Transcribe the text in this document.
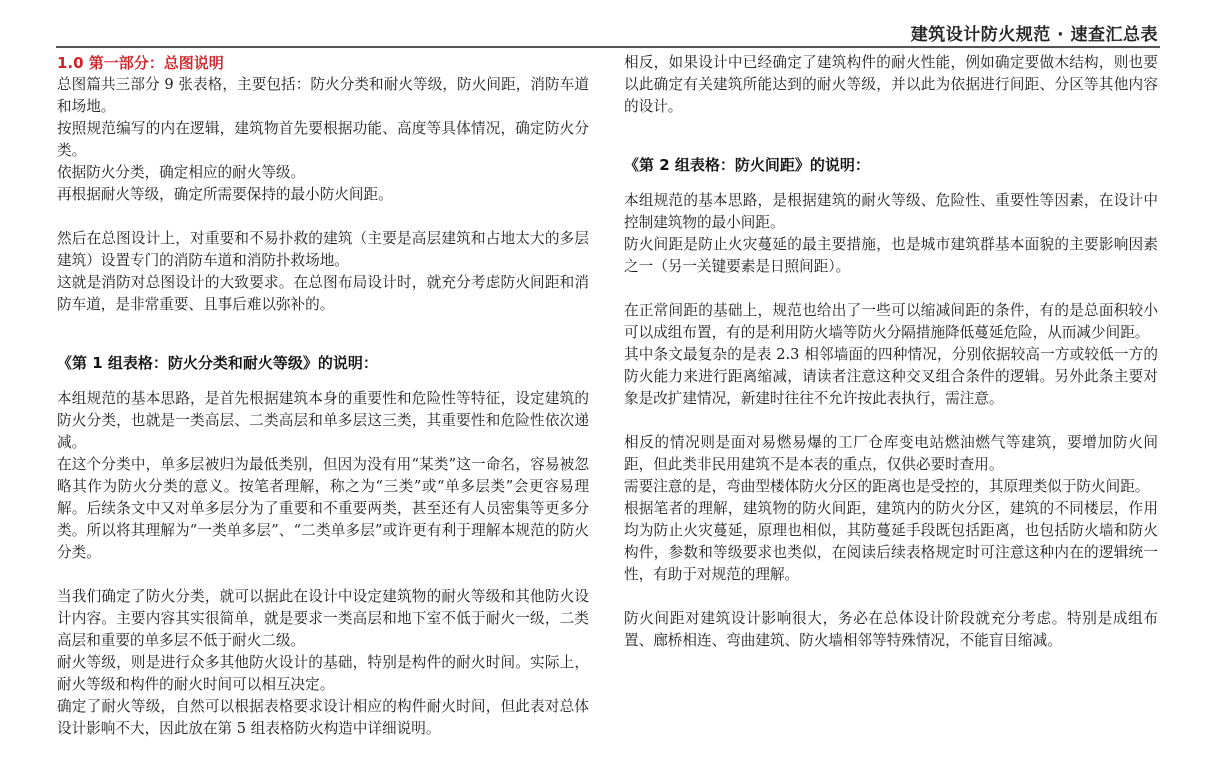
建筑设计防火规范 · 速查汇总表

1.0 第一部分：总图说明

总图篇共三部分 9 张表格，主要包括：防火分类和耐火等级，防火间距，消防车道和场地。

按照规范编写的内在逻辑，建筑物首先要根据功能、高度等具体情况，确定防火分类。

依据防火分类，确定相应的耐火等级。

再根据耐火等级，确定所需要保持的最小防火间距。

然后在总图设计上，对重要和不易扑救的建筑（主要是高层建筑和占地太大的多层建筑）设置专门的消防车道和消防扑救场地。

这就是消防对总图设计的大致要求。在总图布局设计时，就充分考虑防火间距和消防车道，是非常重要、且事后难以弥补的。

《第 1 组表格：防火分类和耐火等级》的说明：

本组规范的基本思路，是首先根据建筑本身的重要性和危险性等特征，设定建筑的防火分类，也就是一类高层、二类高层和单多层这三类，其重要性和危险性依次递减。

在这个分类中，单多层被归为最低类别，但因为没有用“某类”这一命名，容易被忽略其作为防火分类的意义。按笔者理解，称之为“三类”或“单多层类”会更容易理解。后续条文中又对单多层分为了重要和不重要两类，甚至还有人员密集等更多分类。所以将其理解为“一类单多层”、“二类单多层”或许更有利于理解本规范的防火分类。

当我们确定了防火分类，就可以据此在设计中设定建筑物的耐火等级和其他防火设计内容。主要内容其实很简单，就是要求一类高层和地下室不低于耐火一级，二类高层和重要的单多层不低于耐火二级。

耐火等级，则是进行众多其他防火设计的基础，特别是构件的耐火时间。实际上，耐火等级和构件的耐火时间可以相互决定。

确定了耐火等级，自然可以根据表格要求设计相应的构件耐火时间，但此表对总体设计影响不大，因此放在第 5 组表格防火构造中详细说明。

相反，如果设计中已经确定了建筑构件的耐火性能，例如确定要做木结构，则也要以此确定有关建筑所能达到的耐火等级，并以此为依据进行间距、分区等其他内容的设计。

《第 2 组表格：防火间距》的说明：

本组规范的基本思路，是根据建筑的耐火等级、危险性、重要性等因素，在设计中控制建筑物的最小间距。

防火间距是防止火灾蔓延的最主要措施，也是城市建筑群基本面貌的主要影响因素之一（另一关键要素是日照间距）。

在正常间距的基础上，规范也给出了一些可以缩减间距的条件，有的是总面积较小可以成组布置，有的是利用防火墙等防火分隔措施降低蔓延危险，从而减少间距。

其中条文最复杂的是表 2.3 相邻墙面的四种情况，分别依据较高一方或较低一方的防火能力来进行距离缩减，请读者注意这种交叉组合条件的逻辑。另外此条主要对象是改扩建情况，新建时往往不允许按此表执行，需注意。

相反的情况则是面对易燃易爆的工厂仓库变电站燃油燃气等建筑，要增加防火间距，但此类非民用建筑不是本表的重点，仅供必要时查用。

需要注意的是，弯曲型楼体防火分区的距离也是受控的，其原理类似于防火间距。

根据笔者的理解，建筑物的防火间距，建筑内的防火分区，建筑的不同楼层，作用均为防止火灾蔓延，原理也相似，其防蔓延手段既包括距离，也包括防火墙和防火构件，参数和等级要求也类似，在阅读后续表格规定时可注意这种内在的逻辑统一性，有助于对规范的理解。

防火间距对建筑设计影响很大，务必在总体设计阶段就充分考虑。特别是成组布置、廊桥相连、弯曲建筑、防火墙相邻等特殊情况，不能盲目缩减。
